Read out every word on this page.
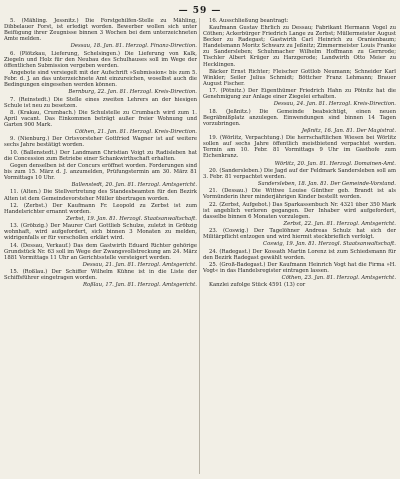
— 59 —

5. (Mähling. Jessnitz.) Die Forstgehilfen-Stelle zu Mähling, Dibbelauer Forst, ist erledigt worden. Bewerber wollen sich unter Beifügung ihrer Zeugnisse binnen 3 Wochen bei dem unterzeichneten Amte melden.

Dessau, 18. Jan. 81. Herzogl. Finanz-Direction.

6. (Plötzkau, Lieferung, Schelsingen.) Die Lieferung von Kalk, Ziegeln und Holz für den Neubau des Schulhauses soll im Wege der öffentlichen Submission vergeben werden.

Angebote sind versiegelt mit der Aufschrift »Submission« bis zum 5. Febr. d. J. an das unterzeichnete Amt einzureichen, woselbst auch die Bedingungen eingesehen werden können.

Bernburg, 22. Jan. 81. Herzogl. Kreis-Direction.

7. (Reinstedt.) Die Stelle eines zweiten Lehrers an der hiesigen Schule ist neu zu besetzen.

8. (Krakau, Crumbach.) Die Schulstelle zu Crumbach wird zum 1. April vacant. Das Einkommen beträgt außer freier Wohnung und Garten 900 Mark.

Cöthen, 21. Jan. 81. Herzogl. Kreis-Direction.

9. (Nienburg.) Der Ortsvorsteher Gottfried Wagner ist auf weitere sechs Jahre bestätigt worden.

10. (Ballenstedt.) Der Landmann Christian Voigt zu Radisleben hat die Concession zum Betriebe einer Schankwirthschaft erhalten.

Gegen denselben ist der Concurs eröffnet worden. Forderungen sind bis zum 15. März d. J. anzumelden, Prüfungstermin am 30. März 81 Vormittags 10 Uhr.

Ballenstedt, 20. Jan. 81. Herzogl. Amtsgericht.

11. (Alten.) Die Stellvertretung des Standesbeamten für den Bezirk Alten ist dem Gemeindevorsteher Müller übertragen worden.

12. (Zerbst.) Der Kaufmann Fr. Leopold zu Zerbst ist zum Handelsrichter ernannt worden.

Zerbst, 19. Jan. 81. Herzogl. Staatsanwaltschaft.

13. (Gröbzig.) Der Maurer Carl Gottlieb Schulze, zuletzt in Gröbzig wohnhaft, wird aufgefordert, sich binnen 3 Monaten zu melden, widrigenfalls er für verschollen erklärt wird.

14. (Dessau, Verkauf.) Das dem Gastwirth Eduard Richter gehörige Grundstück Nr. 63 soll im Wege der Zwangsvollstreckung am 24. März 1881 Vormittags 11 Uhr an Gerichtsstelle versteigert werden.

Dessau, 21. Jan. 81. Herzogl. Amtsgericht.

15. (Roßlau.) Der Schiffer Wilhelm Kühne ist in die Liste der Schiffsführer eingetragen worden.

Roßlau, 17. Jan. 81. Herzogl. Amtsgericht.

16. Ausschließung beantragt:

Kaufmann Gustav Ehrlich zu Dessau; Fabrikant Hermann Vogel zu Cöthen; Ackerbürger Friedrich Lange zu Zerbst; Müllermeister August Becker zu Radegast; Gastwirth Carl Heinrich zu Oranienbaum; Handelsmann Moritz Schwarz zu Jeßnitz; Zimmermeister Louis Franke zu Sandersleben; Schuhmacher Wilhelm Hoffmann zu Gernrode; Tischler Albert Krüger zu Harzgerode; Landwirth Otto Meier zu Hecklingen.

Bäcker Ernst Richter; Fleischer Gottlob Neumann; Schneider Karl Winkler; Seiler Julius Schmidt; Böttcher Franz Lehmann; Brauer August Fischer.

17. (Pötnitz.) Der Eigenthümer Friedrich Hahn zu Pötnitz hat die Genehmigung zur Anlage einer Ziegelei erhalten.

Dessau, 24. Jan. 81. Herzogl. Kreis-Direction.

18. (Jeßnitz.) Die Gemeinde beabsichtigt, einen neuen Begräbnißplatz anzulegen. Einwendungen sind binnen 14 Tagen vorzubringen.

Jeßnitz, 16. Jan. 81. Der Magistrat.

19. (Wörlitz, Verpachtung.) Die herrschaftlichen Wiesen bei Wörlitz sollen auf sechs Jahre öffentlich meistbietend verpachtet werden. Termin am 10. Febr. 81 Vormittags 9 Uhr im Gasthofe zum Eichenkranz.

Wörlitz, 20. Jan. 81. Herzogl. Domainen-Amt.

20. (Sandersleben.) Die Jagd auf der Feldmark Sandersleben soll am 3. Febr. 81 verpachtet werden.

Sandersleben, 18. Jan. 81. Der Gemeinde-Vorstand.

21. (Dessau.) Die Wittwe Louise Günther geb. Brandt ist als Vormünderin ihrer minderjährigen Kinder bestellt worden.

22. (Zerbst, Aufgebot.) Das Sparkassenbuch Nr. 4321 über 350 Mark ist angeblich verloren gegangen. Der Inhaber wird aufgefordert, dasselbe binnen 6 Monaten vorzulegen.

Zerbst, 22. Jan. 81. Herzogl. Amtsgericht.

23. (Coswig.) Der Tagelöhner Andreas Schulz hat sich der Militärpflicht entzogen und wird hiermit steckbrieflich verfolgt.

Coswig, 19. Jan. 81. Herzogl. Staatsanwaltschaft.

24. (Radegast.) Der Kossath Martin Lorenz ist zum Schiedsmann für den Bezirk Radegast gewählt worden.

25. (Groß-Badegast.) Der Kaufmann Heinrich Vogt hat die Firma »H. Vogt« in das Handelsregister eintragen lassen.

Cöthen, 23. Jan. 81. Herzogl. Amtsgericht.

Kanzlei zufolge Stück 4591 (13) cor
